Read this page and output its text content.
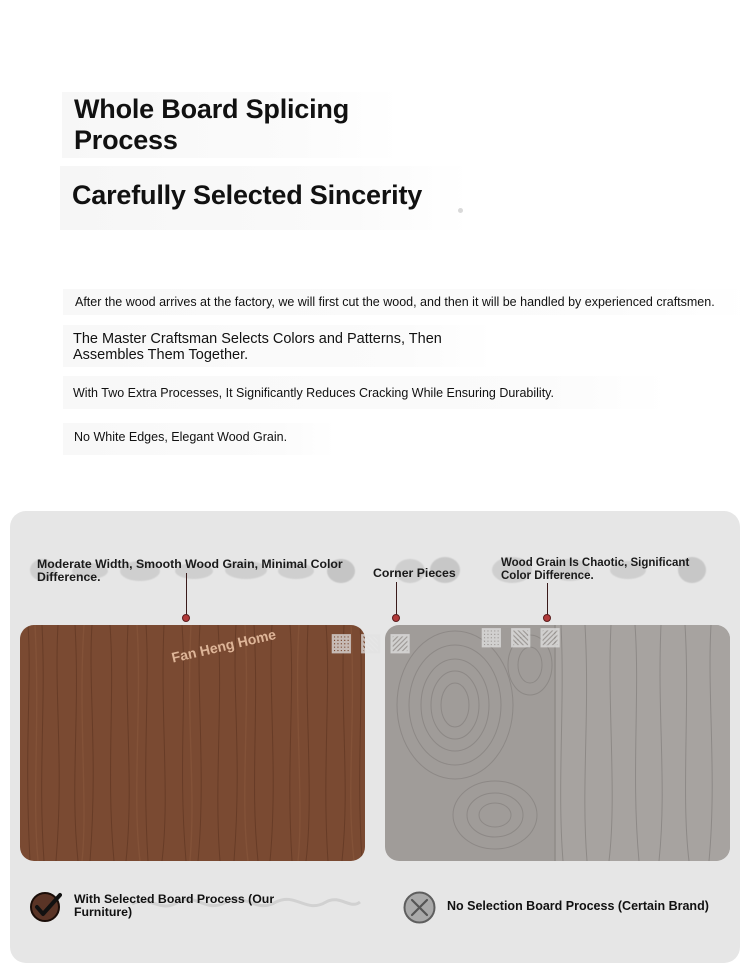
Whole Board Splicing Process
Carefully Selected Sincerity
After the wood arrives at the factory, we will first cut the wood, and then it will be handled by experienced craftsmen.
The Master Craftsman Selects Colors and Patterns, Then Assembles Them Together.
With Two Extra Processes, It Significantly Reduces Cracking While Ensuring Durability.
No White Edges, Elegant Wood Grain.
Moderate Width, Smooth Wood Grain, Minimal Color Difference.	Corner Pieces
Wood Grain Is Chaotic, Significant Color Difference.
Fan Heng Home ▦ ▧ ▨	▦ ▧ ▨
With Selected Board Process (Our Furniture)	No Selection Board Process (Certain Brand)
